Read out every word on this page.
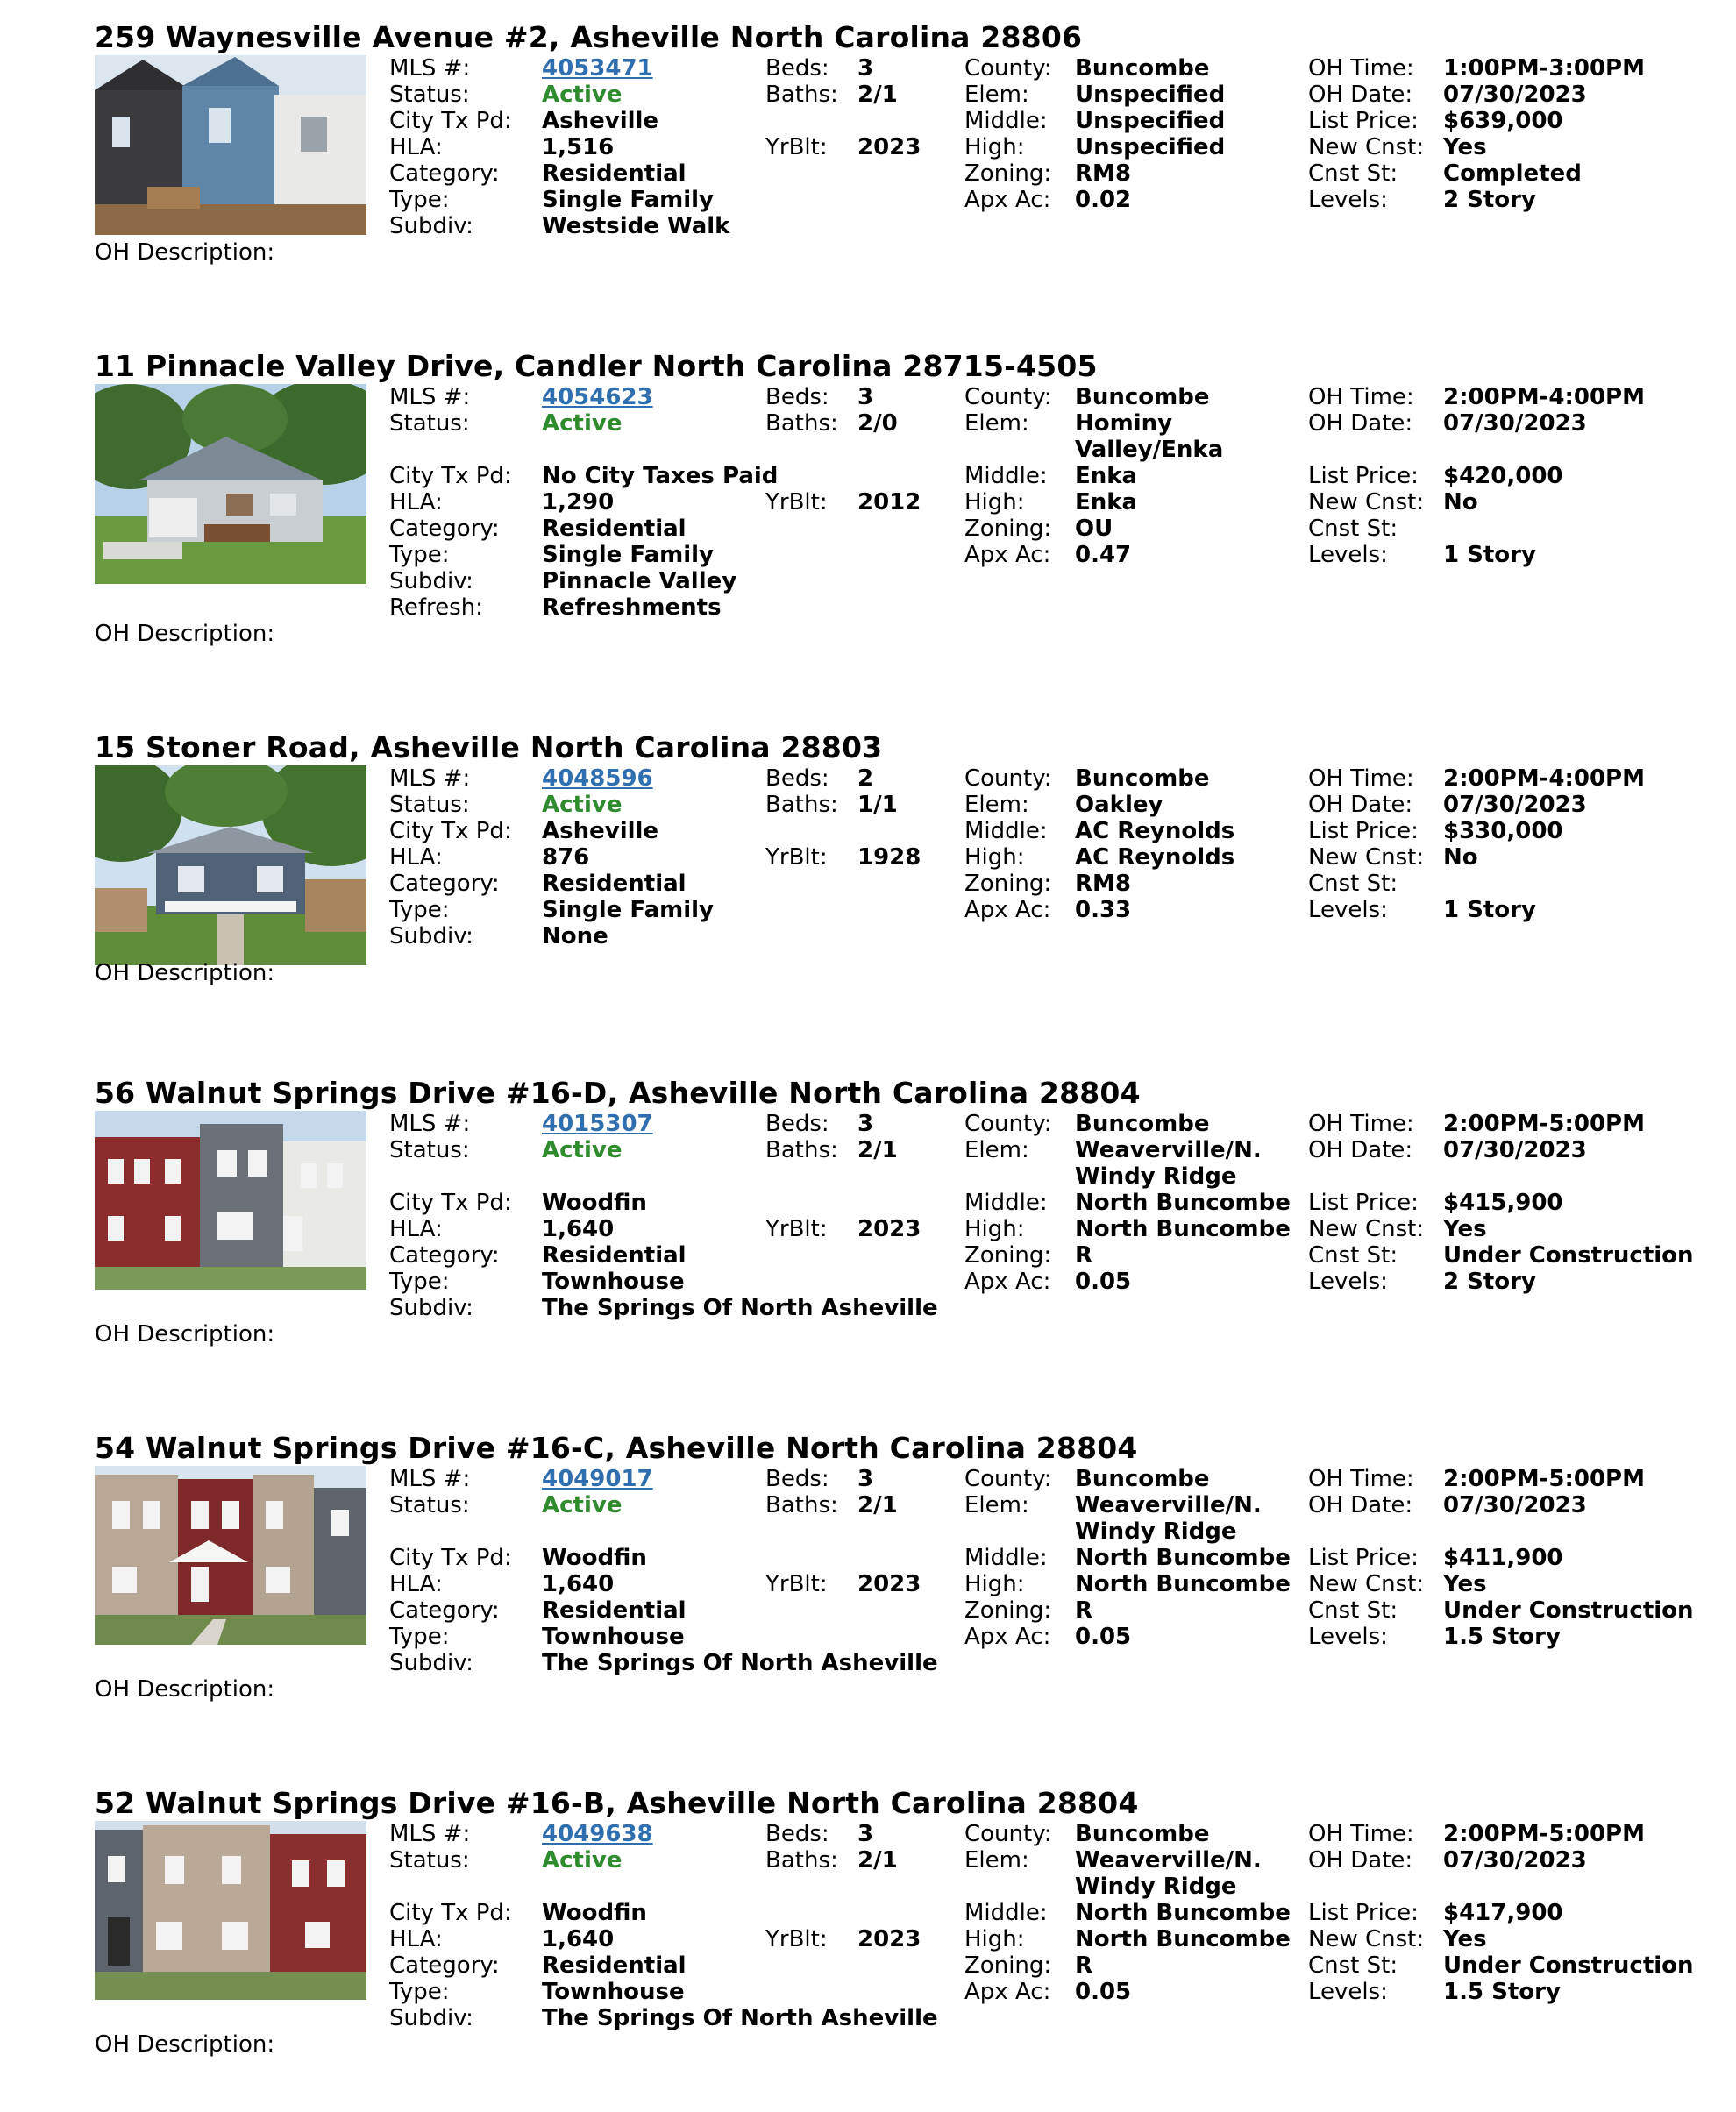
259 Waynesville Avenue #2, Asheville North Carolina 28806
MLS #:	4053471
Status:	Active
City Tx Pd: Asheville
HLA:	1,516
Category: Residential
Type:	Single Family
Subdiv:	Westside Walk
Beds: 3
Baths: 2/1
YrBlt: 2023
County: Buncombe
Elem: Unspecified
Middle: Unspecified
High: Unspecified
Zoning: RM8
Apx Ac: 0.02
OH Time: 1:00PM-3:00PM
OH Date: 07/30/2023
List Price: $639,000
New Cnst: Yes
Cnst St: Completed
Levels: 2 Story
OH Description:
11 Pinnacle Valley Drive, Candler North Carolina 28715-4505
MLS #:	4054623
Status:	Active
City Tx Pd: No City Taxes Paid
HLA:	1,290
Category: Residential
Type:	Single Family
Subdiv:	Pinnacle Valley
Refresh:	Refreshments
Beds: 3
Baths: 2/0
YrBlt: 2012
County: Buncombe
Elem: Hominy
Valley/Enka
Middle: Enka
High: Enka
Zoning: OU
Apx Ac: 0.47
OH Time: 2:00PM-4:00PM
OH Date: 07/30/2023
List Price: $420,000
New Cnst: No
Cnst St:
Levels: 1 Story
OH Description:
15 Stoner Road, Asheville North Carolina 28803
MLS #:	4048596
Status:	Active
City Tx Pd: Asheville
HLA:	876
Category: Residential
Type:	Single Family
Subdiv:	None
Beds: 2
Baths: 1/1
YrBlt: 1928
County: Buncombe
Elem: Oakley
Middle: AC Reynolds
High: AC Reynolds
Zoning: RM8
Apx Ac: 0.33
OH Time: 2:00PM-4:00PM
OH Date: 07/30/2023
List Price: $330,000
New Cnst: No
Cnst St:
Levels: 1 Story
OH Description:
56 Walnut Springs Drive #16-D, Asheville North Carolina 28804
MLS #:	4015307
Status:	Active
City Tx Pd: Woodfin
HLA:	1,640
Category: Residential
Type:	Townhouse
Subdiv:	The Springs Of North Asheville
Beds: 3
Baths: 2/1
YrBlt: 2023
County: Buncombe
Elem: Weaverville/N.
Windy Ridge
Middle: North Buncombe
High: North Buncombe
Zoning: R
Apx Ac: 0.05
OH Time: 2:00PM-5:00PM
OH Date: 07/30/2023
List Price: $415,900
New Cnst: Yes
Cnst St: Under Construction
Levels: 2 Story
OH Description:
54 Walnut Springs Drive #16-C, Asheville North Carolina 28804
MLS #:	4049017
Status:	Active
City Tx Pd: Woodfin
HLA:	1,640
Category: Residential
Type:	Townhouse
Subdiv:	The Springs Of North Asheville
Beds: 3
Baths: 2/1
YrBlt: 2023
County: Buncombe
Elem: Weaverville/N.
Windy Ridge
Middle: North Buncombe
High: North Buncombe
Zoning: R
Apx Ac: 0.05
OH Time: 2:00PM-5:00PM
OH Date: 07/30/2023
List Price: $411,900
New Cnst: Yes
Cnst St: Under Construction
Levels: 1.5 Story
OH Description:
52 Walnut Springs Drive #16-B, Asheville North Carolina 28804
MLS #:	4049638
Status:	Active
City Tx Pd: Woodfin
HLA:	1,640
Category: Residential
Type:	Townhouse
Subdiv:	The Springs Of North Asheville
Beds: 3
Baths: 2/1
YrBlt: 2023
County: Buncombe
Elem: Weaverville/N.
Windy Ridge
Middle: North Buncombe
High: North Buncombe
Zoning: R
Apx Ac: 0.05
OH Time: 2:00PM-5:00PM
OH Date: 07/30/2023
List Price: $417,900
New Cnst: Yes
Cnst St: Under Construction
Levels: 1.5 Story
OH Description:
